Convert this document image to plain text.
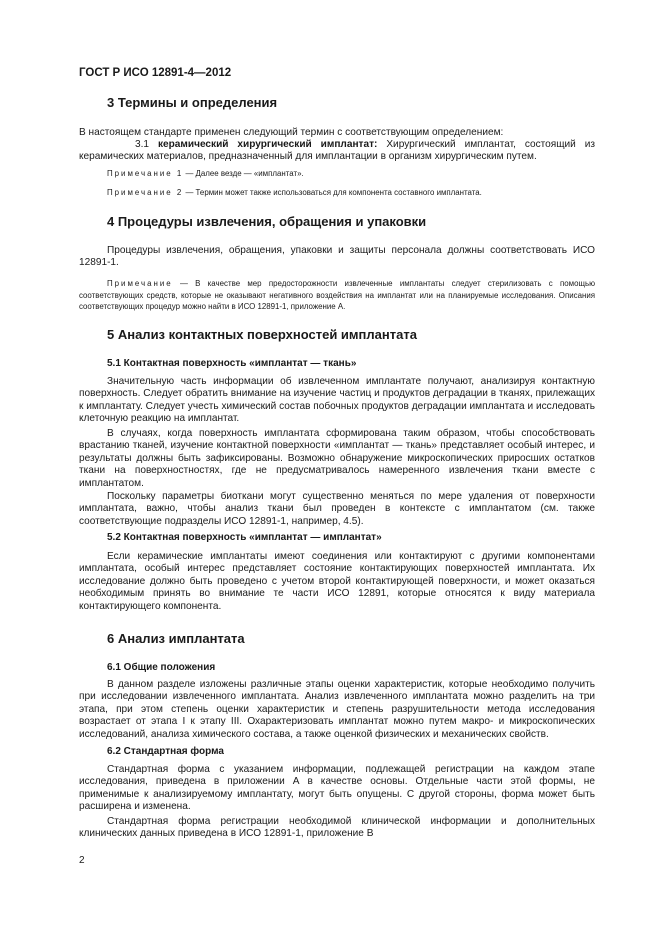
ГОСТ Р ИСО 12891-4—2012
3 Термины и определения
В настоящем стандарте применен следующий термин с соответствующим определением:
3.1 керамический хирургический имплантат: Хирургический имплантат, состоящий из керамических материалов, предназначенный для имплантации в организм хирургическим путем.
Примечание 1 — Далее везде — «имплантат».
Примечание 2 — Термин может также использоваться для компонента составного имплантата.
4 Процедуры извлечения, обращения и упаковки
Процедуры извлечения, обращения, упаковки и защиты персонала должны соответствовать ИСО 12891-1.
Примечание — В качестве мер предосторожности извлеченные имплантаты следует стерилизовать с помощью соответствующих средств, которые не оказывают негативного воздействия на имплантат или на планируемые исследования. Описания соответствующих процедур можно найти в ИСО 12891-1, приложение А.
5 Анализ контактных поверхностей имплантата
5.1 Контактная поверхность «имплантат — ткань»
Значительную часть информации об извлеченном имплантате получают, анализируя контактную поверхность. Следует обратить внимание на изучение частиц и продуктов деградации в тканях, прилежащих к имплантату. Следует учесть химический состав побочных продуктов деградации имплантата и исследовать клеточную реакцию на имплантат.
В случаях, когда поверхность имплантата сформирована таким образом, чтобы способствовать врастанию тканей, изучение контактной поверхности «имплантат — ткань» представляет особый интерес, и результаты должны быть зафиксированы. Возможно обнаружение микроскопических приросших остатков ткани на поверхностностях, где не предусматривалось намеренного извлечения ткани вместе с имплантатом.
Поскольку параметры биоткани могут существенно меняться по мере удаления от поверхности имплантата, важно, чтобы анализ ткани был проведен в контексте с имплантатом (см. также соответствующие подразделы ИСО 12891-1, например, 4.5).
5.2 Контактная поверхность «имплантат — имплантат»
Если керамические имплантаты имеют соединения или контактируют с другими компонентами имплантата, особый интерес представляет состояние контактирующих поверхностей имплантата. Их исследование должно быть проведено с учетом второй контактирующей поверхности, и может оказаться необходимым принять во внимание те части ИСО 12891, которые относятся к виду материала контактирующего компонента.
6 Анализ имплантата
6.1 Общие положения
В данном разделе изложены различные этапы оценки характеристик, которые необходимо получить при исследовании извлеченного имплантата. Анализ извлеченного имплантата можно разделить на три этапа, при этом степень оценки характеристик и степень разрушительности метода исследования возрастает от этапа I к этапу III. Охарактеризовать имплантат можно путем макро- и микроскопических исследований, анализа химического состава, а также оценкой физических и механических свойств.
6.2 Стандартная форма
Стандартная форма с указанием информации, подлежащей регистрации на каждом этапе исследования, приведена в приложении А в качестве основы. Отдельные части этой формы, не применимые к анализируемому имплантату, могут быть опущены. С другой стороны, форма может быть расширена и изменена.
Стандартная форма регистрации необходимой клинической информации и дополнительных клинических данных приведена в ИСО 12891-1, приложение В
2
